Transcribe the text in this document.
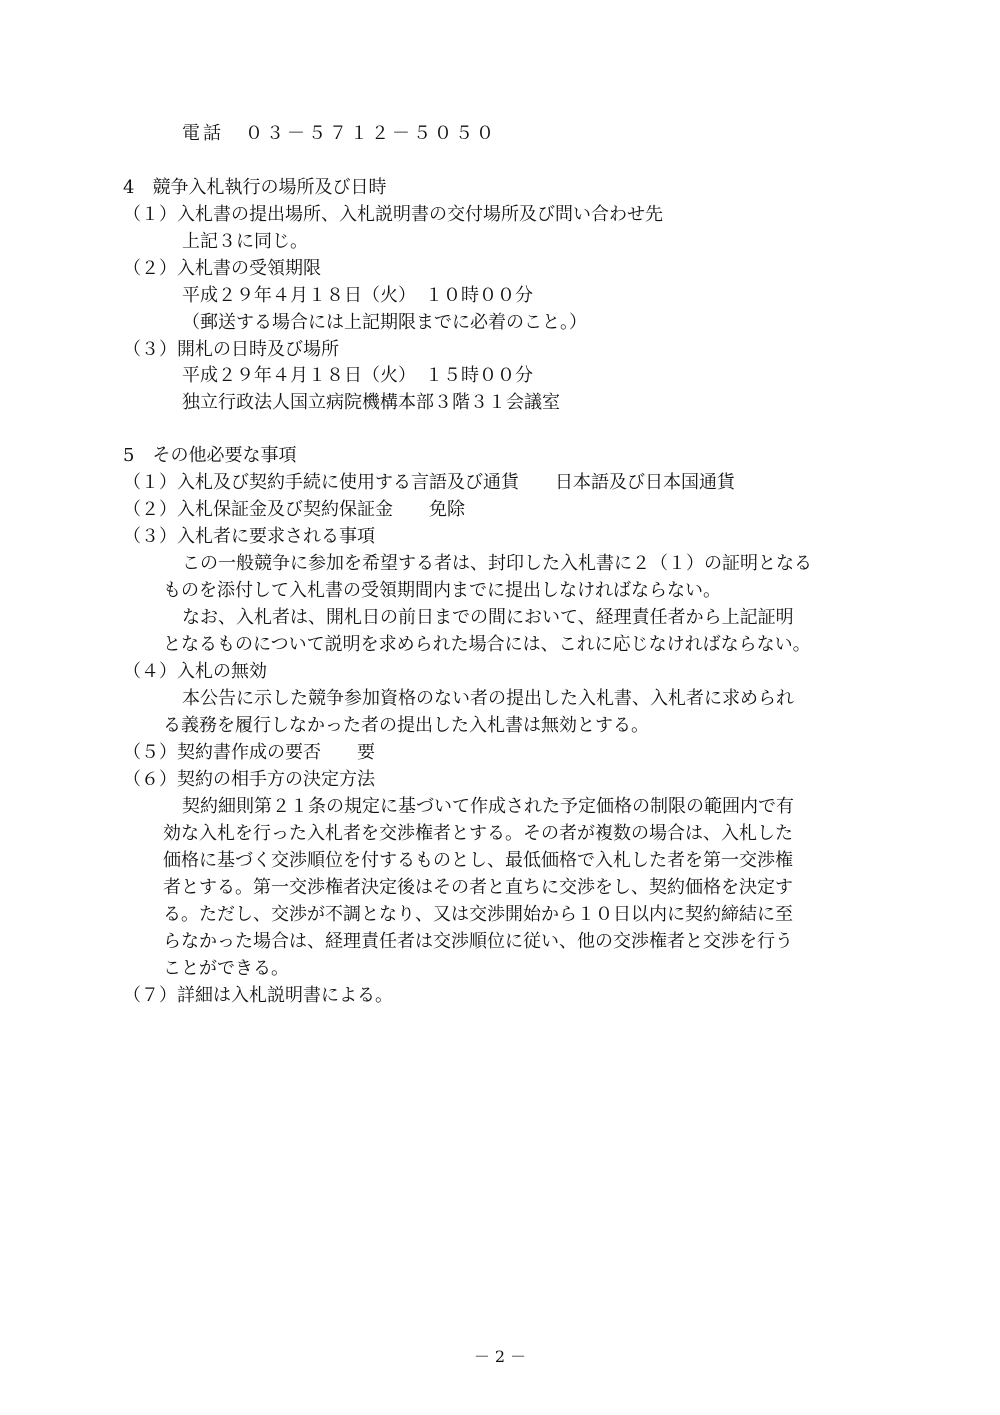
電話　０３－５７１２－５０５０
4　競争入札執行の場所及び日時
（１）入札書の提出場所、入札説明書の交付場所及び問い合わせ先
上記３に同じ。
（２）入札書の受領期限
平成２９年４月１８日（火）　１０時００分
（郵送する場合には上記期限までに必着のこと。）
（３）開札の日時及び場所
平成２９年４月１８日（火）　１５時００分
独立行政法人国立病院機構本部３階３１会議室
5　その他必要な事項
（１）入札及び契約手続に使用する言語及び通貨　　日本語及び日本国通貨
（２）入札保証金及び契約保証金　　免除
（３）入札者に要求される事項
この一般競争に参加を希望する者は、封印した入札書に２（１）の証明となる
ものを添付して入札書の受領期間内までに提出しなければならない。
なお、入札者は、開札日の前日までの間において、経理責任者から上記証明
となるものについて説明を求められた場合には、これに応じなければならない。
（４）入札の無効
本公告に示した競争参加資格のない者の提出した入札書、入札者に求められ
る義務を履行しなかった者の提出した入札書は無効とする。
（５）契約書作成の要否　　要
（６）契約の相手方の決定方法
契約細則第２１条の規定に基づいて作成された予定価格の制限の範囲内で有
効な入札を行った入札者を交渉権者とする。その者が複数の場合は、入札した
価格に基づく交渉順位を付するものとし、最低価格で入札した者を第一交渉権
者とする。第一交渉権者決定後はその者と直ちに交渉をし、契約価格を決定す
る。ただし、交渉が不調となり、又は交渉開始から１０日以内に契約締結に至
らなかった場合は、経理責任者は交渉順位に従い、他の交渉権者と交渉を行う
ことができる。
（７）詳細は入札説明書による。
－ 2 －
